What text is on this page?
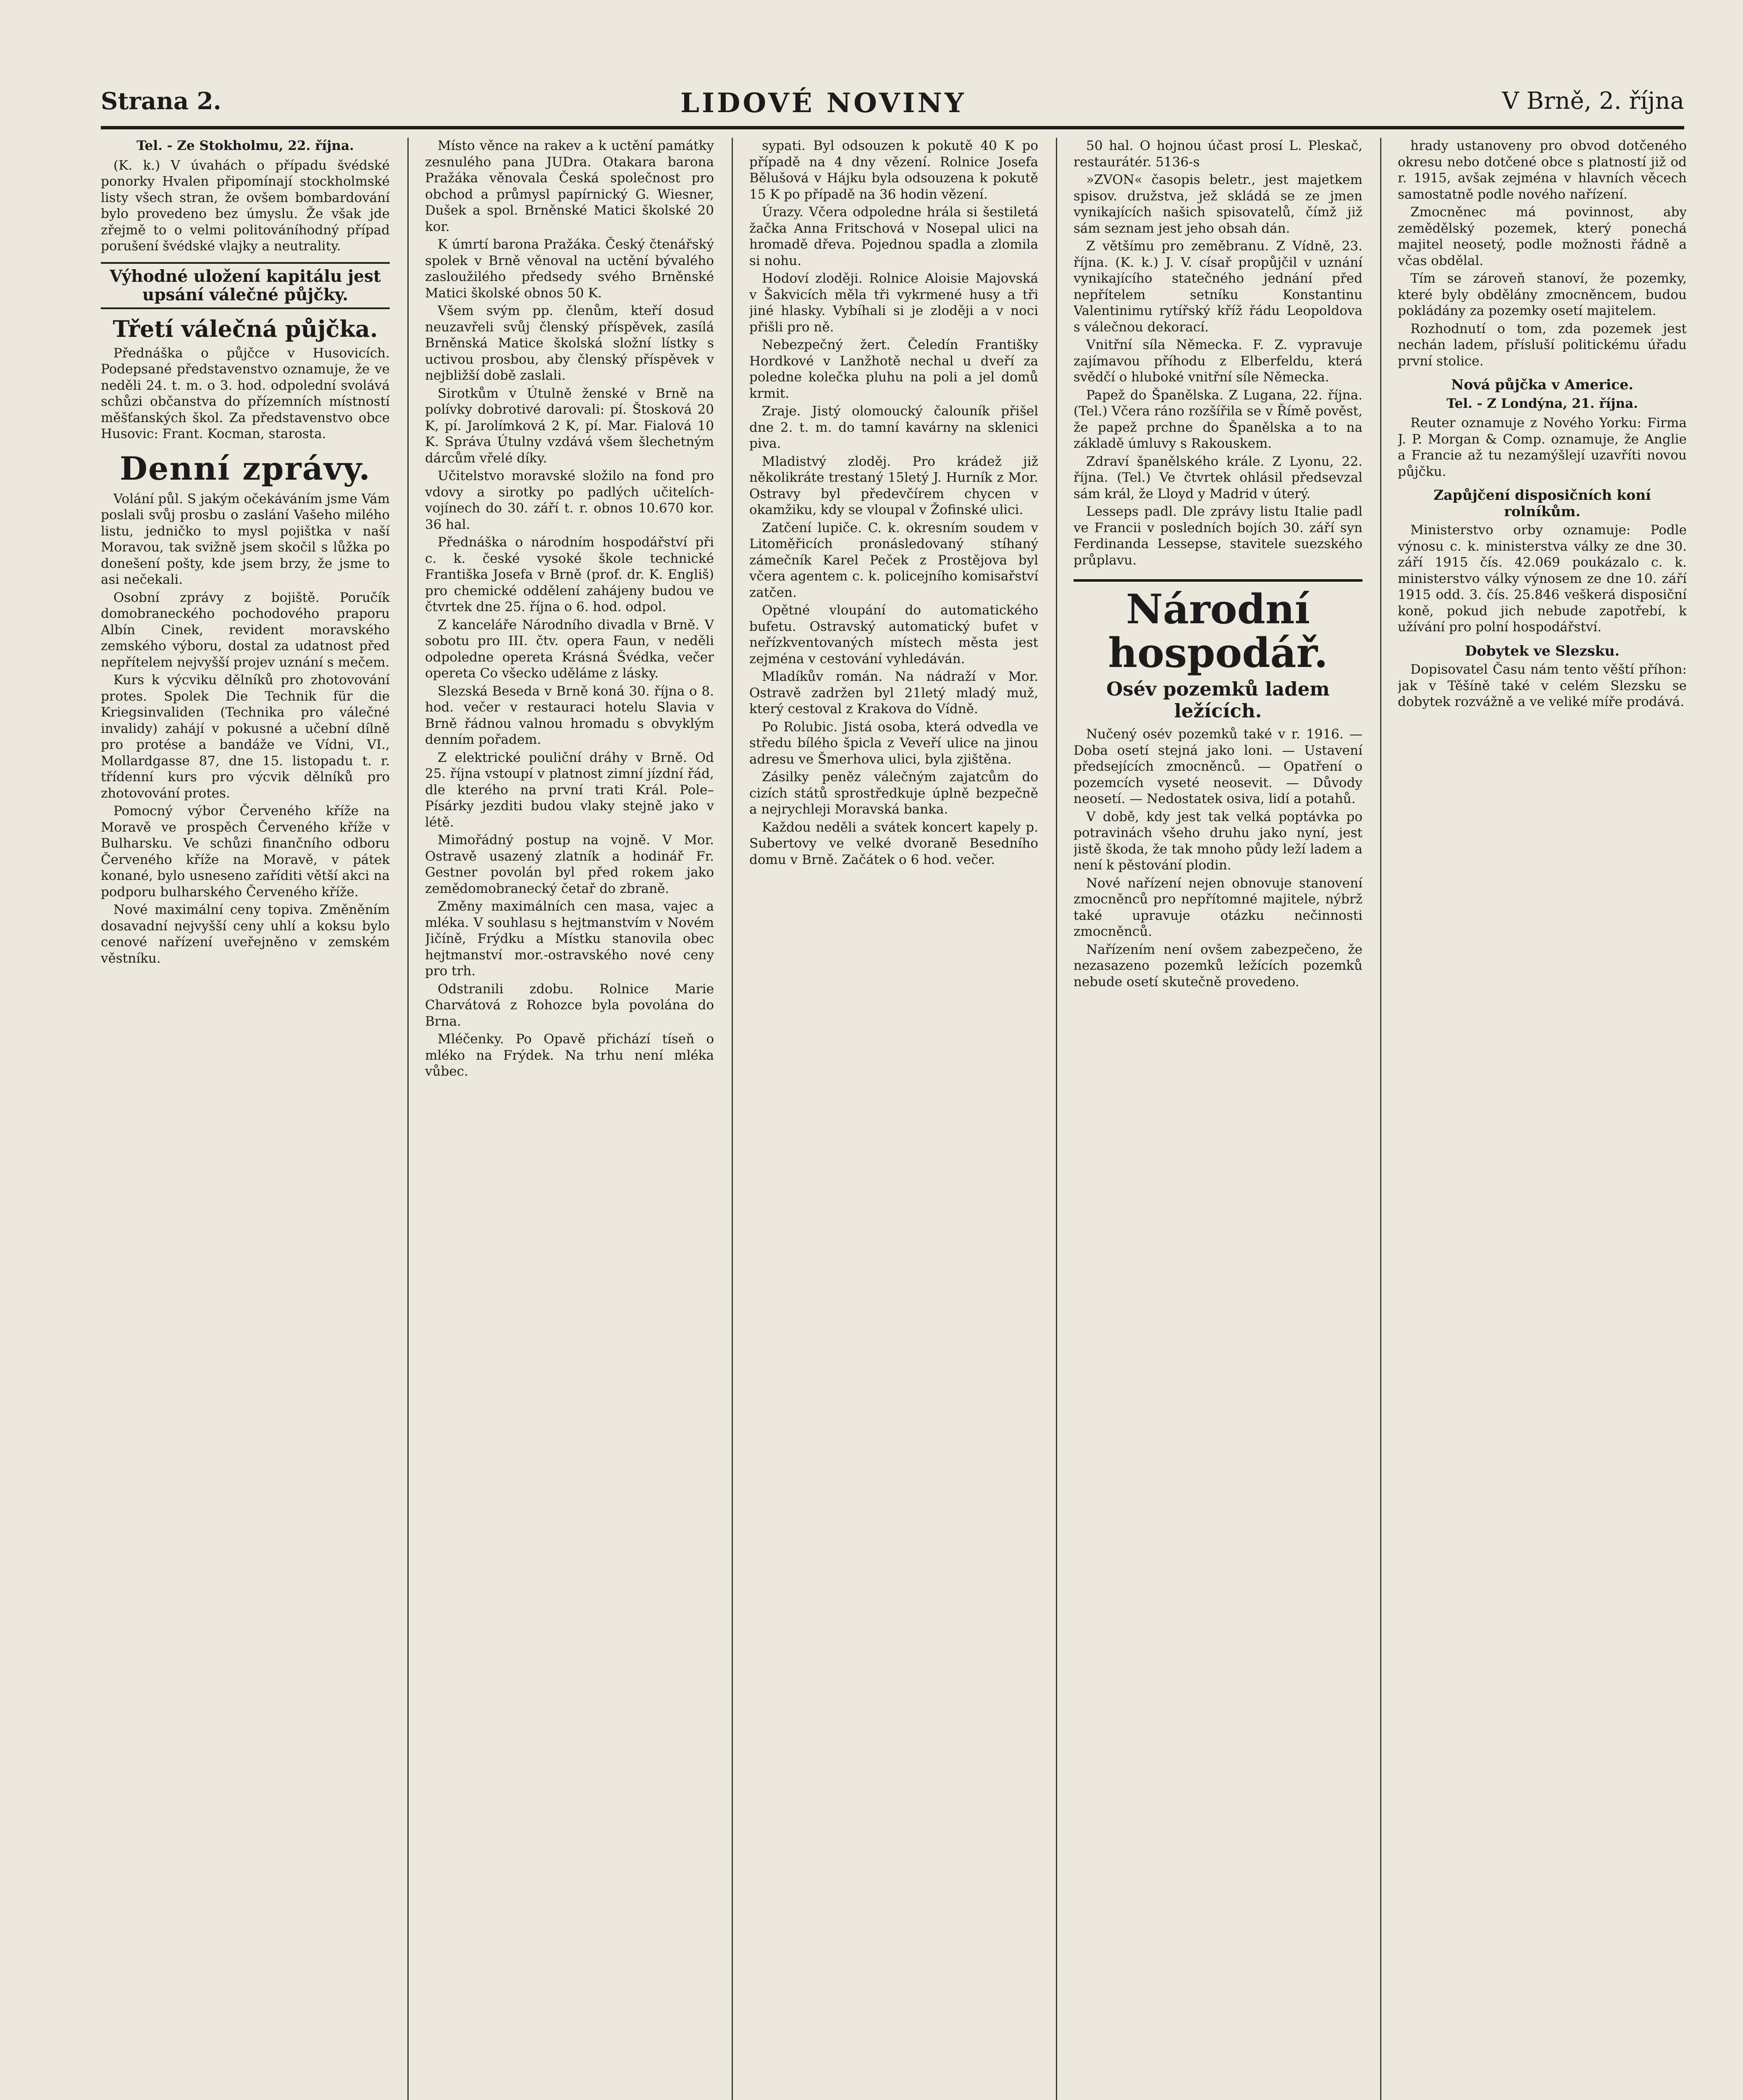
Strana 2.	LIDOVÉ NOVINY	V Brně, 2. října
Tel. - Ze Stokholmu, 22. října.

(K. k.) V úvahách o případu švédské ponorky Hvalen připomínají stockholmské listy všech stran, že ovšem bombardování bylo provedeno bez úmyslu. Že však jde zřejmě to o velmi politováníhodný případ porušení švédské vlajky a neutrality.

Výhodné uložení kapitálu jest upsání válečné půjčky.
Třetí válečná půjčka.

Přednáška o půjčce v Husovicích. Podepsané představenstvo oznamuje, že ve neděli 24. t. m. o 3. hod. odpolední svolává schůzi občanstva do přízemních místností měšťanských škol. Za představenstvo obce Husovic: Frant. Kocman, starosta.

Denní zprávy.

Volání půl. S jakým očekáváním jsme Vám poslali svůj prosbu o zaslání Vašeho milého listu, jedničko to mysl pojištka v naší Moravou, tak svižně jsem skočil s lůžka po donešení pošty, kde jsem brzy, že jsme to asi nečekali.

Osobní zprávy z bojiště. Poručík domobraneckého pochodového praporu Albín Cinek, revident moravského zemského výboru, dostal za udatnost před nepřítelem nejvyšší projev uznání s mečem.

Kurs k výcviku dělníků pro zhotovování protes. Spolek Die Technik für die Kriegsinvaliden (Technika pro válečné invalidy) zahájí v pokusné a učební dílně pro protése a bandáže ve Vídni, VI., Mollardgasse 87, dne 15. listopadu t. r. třídenní kurs pro výcvik dělníků pro zhotovování protes.

Pomocný výbor Červeného kříže na Moravě ve prospěch Červeného kříže v Bulharsku. Ve schůzi finančního odboru Červeného kříže na Moravě, v pátek konané, bylo usneseno zaříditi větší akci na podporu bulharského Červeného kříže.

Nové maximální ceny topiva. Změněním dosavadní nejvyšší ceny uhlí a koksu bylo cenové nařízení uveřejněno v zemském věstníku.

Místo věnce na rakev a k uctění památky zesnulého pana JUDra. Otakara barona Pražáka věnovala Česká společnost pro obchod a průmysl papírnický G. Wiesner, Dušek a spol. Brněnské Matici školské 20 kor.

K úmrtí barona Pražáka. Český čtenářský spolek v Brně věnoval na uctění bývalého zasloužilého předsedy svého Brněnské Matici školské obnos 50 K.

Všem svým pp. členům, kteří dosud neuzavřeli svůj členský příspěvek, zasílá Brněnská Matice školská složní lístky s uctivou prosbou, aby členský příspěvek v nejbližší době zaslali.

Sirotkům v Útulně ženské v Brně na polívky dobrotivé darovali: pí. Štosková 20 K, pí. Jarolímková 2 K, pí. Mar. Fialová 10 K. Správa Útulny vzdává všem šlechetným dárcům vřelé díky.

Učitelstvo moravské složilo na fond pro vdovy a sirotky po padlých učitelích-vojínech do 30. září t. r. obnos 10.670 kor. 36 hal.

Přednáška o národním hospodářství při c. k. české vysoké škole technické Františka Josefa v Brně (prof. dr. K. Engliš) pro chemické oddělení zahájeny budou ve čtvrtek dne 25. října o 6. hod. odpol.

Z kanceláře Národního divadla v Brně. V sobotu pro III. čtv. opera Faun, v neděli odpoledne opereta Krásná Švédka, večer opereta Co všecko uděláme z lásky.

Slezská Beseda v Brně koná 30. října o 8. hod. večer v restauraci hotelu Slavia v Brně řádnou valnou hromadu s obvyklým denním pořadem.

Z elektrické pouliční dráhy v Brně. Od 25. října vstoupí v platnost zimní jízdní řád, dle kterého na první trati Král. Pole–Písárky jezditi budou vlaky stejně jako v létě.

Mimořádný postup na vojně. V Mor. Ostravě usazený zlatník a hodinář Fr. Gestner povolán byl před rokem jako zemědomobranecký četař do zbraně.

Změny maximálních cen masa, vajec a mléka. V souhlasu s hejtmanstvím v Novém Jičíně, Frýdku a Místku stanovila obec hejtmanství mor.-ostravského nové ceny pro trh.

Odstranili zdobu. Rolnice Marie Charvátová z Rohozce byla povolána do Brna.

Mléčenky. Po Opavě přichází tíseň o mléko na Frýdek. Na trhu není mléka vůbec.

sypati. Byl odsouzen k pokutě 40 K po případě na 4 dny vězení. Rolnice Josefa Bělušová v Hájku byla odsouzena k pokutě 15 K po případě na 36 hodin vězení.

Úrazy. Včera odpoledne hrála si šestiletá žačka Anna Fritschová v Nosepal ulici na hromadě dřeva. Pojednou spadla a zlomila si nohu.

Hodoví zloději. Rolnice Aloisie Majovská v Šakvicích měla tři vykrmené husy a tři jiné hlasky. Vybíhali si je zloději a v noci přišli pro ně.

Nebezpečný žert. Čeledín Františky Hordkové v Lanžhotě nechal u dveří za poledne kolečka pluhu na poli a jel domů krmit.

Zraje. Jistý olomoucký čalouník přišel dne 2. t. m. do tamní kavárny na sklenici piva.

Mladistvý zloděj. Pro krádež již několikráte trestaný 15letý J. Hurník z Mor. Ostravy byl předevčírem chycen v okamžiku, kdy se vloupal v Žofinské ulici.

Zatčení lupiče. C. k. okresním soudem v Litoměřicích pronásledovaný stíhaný zámečník Karel Peček z Prostějova byl včera agentem c. k. policejního komisařství zatčen.

Opětné vloupání do automatického bufetu. Ostravský automatický bufet v neřízkventovaných místech města jest zejména v cestování vyhledáván.

Mladíkův román. Na nádraží v Mor. Ostravě zadržen byl 21letý mladý muž, který cestoval z Krakova do Vídně.

Po Rolubic. Jistá osoba, která odvedla ve středu bílého špicla z Veveří ulice na jinou adresu ve Šmerhova ulici, byla zjištěna.

Zásilky peněz válečným zajatcům do cizích států sprostředkuje úplně bezpečně a nejrychleji Moravská banka.

Každou neděli a svátek koncert kapely p. Subertovy ve velké dvoraně Besedního domu v Brně. Začátek o 6 hod. večer.

50 hal. O hojnou účast prosí L. Pleskač, restaurátér. 5136-s

»ZVON« časopis beletr., jest majetkem spisov. družstva, jež skládá se ze jmen vynikajících našich spisovatelů, čímž již sám seznam jest jeho obsah dán.

Z většímu pro zeměbranu. Z Vídně, 23. října. (K. k.) J. V. císař propůjčil v uznání vynikajícího statečného jednání před nepřítelem setníku Konstantinu Valentinimu rytířský kříž řádu Leopoldova s válečnou dekorací.

Vnitřní síla Německa. F. Z. vypravuje zajímavou příhodu z Elberfeldu, která svědčí o hluboké vnitřní síle Německa.

Papež do Španělska. Z Lugana, 22. října. (Tel.) Včera ráno rozšířila se v Římě pověst, že papež prchne do Španělska a to na základě úmluvy s Rakouskem.

Zdraví španělského krále. Z Lyonu, 22. října. (Tel.) Ve čtvrtek ohlásil předsevzal sám král, že Lloyd y Madrid v úterý.

Lesseps padl. Dle zprávy listu Italie padl ve Francii v posledních bojích 30. září syn Ferdinanda Lessepse, stavitele suezského průplavu.

Národní hospodář.
Osév pozemků ladem ležících.

Nučený osév pozemků také v r. 1916. — Doba osetí stejná jako loni. — Ustavení předsejících zmocněnců. — Opatření o pozemcích vyseté neosevit. — Důvody neosetí. — Nedostatek osiva, lidí a potahů.

V době, kdy jest tak velká poptávka po potravinách všeho druhu jako nyní, jest jistě škoda, že tak mnoho půdy leží ladem a není k pěstování plodin.

Nové nařízení nejen obnovuje stanovení zmocněnců pro nepřítomné majitele, nýbrž také upravuje otázku nečinnosti zmocněnců.

Nařízením není ovšem zabezpečeno, že nezasazeno pozemků ležících pozemků nebude osetí skutečně provedeno.

hrady ustanoveny pro obvod dotčeného okresu nebo dotčené obce s platností již od r. 1915, avšak zejména v hlavních věcech samostatně podle nového nařízení.

Zmocněnec má povinnost, aby zemědělský pozemek, který ponechá majitel neosetý, podle možnosti řádně a včas obdělal.

Tím se zároveň stanoví, že pozemky, které byly obdělány zmocněncem, budou pokládány za pozemky osetí majitelem.

Rozhodnutí o tom, zda pozemek jest nechán ladem, přísluší politickému úřadu první stolice.

Nová půjčka v Americe.
Tel. - Z Londýna, 21. října.

Reuter oznamuje z Nového Yorku: Firma J. P. Morgan & Comp. oznamuje, že Anglie a Francie až tu nezamýšlejí uzavříti novou půjčku.

Zapůjčení disposičních koní rolníkům.

Ministerstvo orby oznamuje: Podle výnosu c. k. ministerstva války ze dne 30. září 1915 čís. 42.069 poukázalo c. k. ministerstvo války výnosem ze dne 10. září 1915 odd. 3. čís. 25.846 veškerá disposiční koně, pokud jich nebude zapotřebí, k užívání pro polní hospodářství.

Dobytek ve Slezsku.

Dopisovatel Času nám tento věští příhon: jak v Těšíně také v celém Slezsku se dobytek rozvážně a ve veliké míře prodává.
